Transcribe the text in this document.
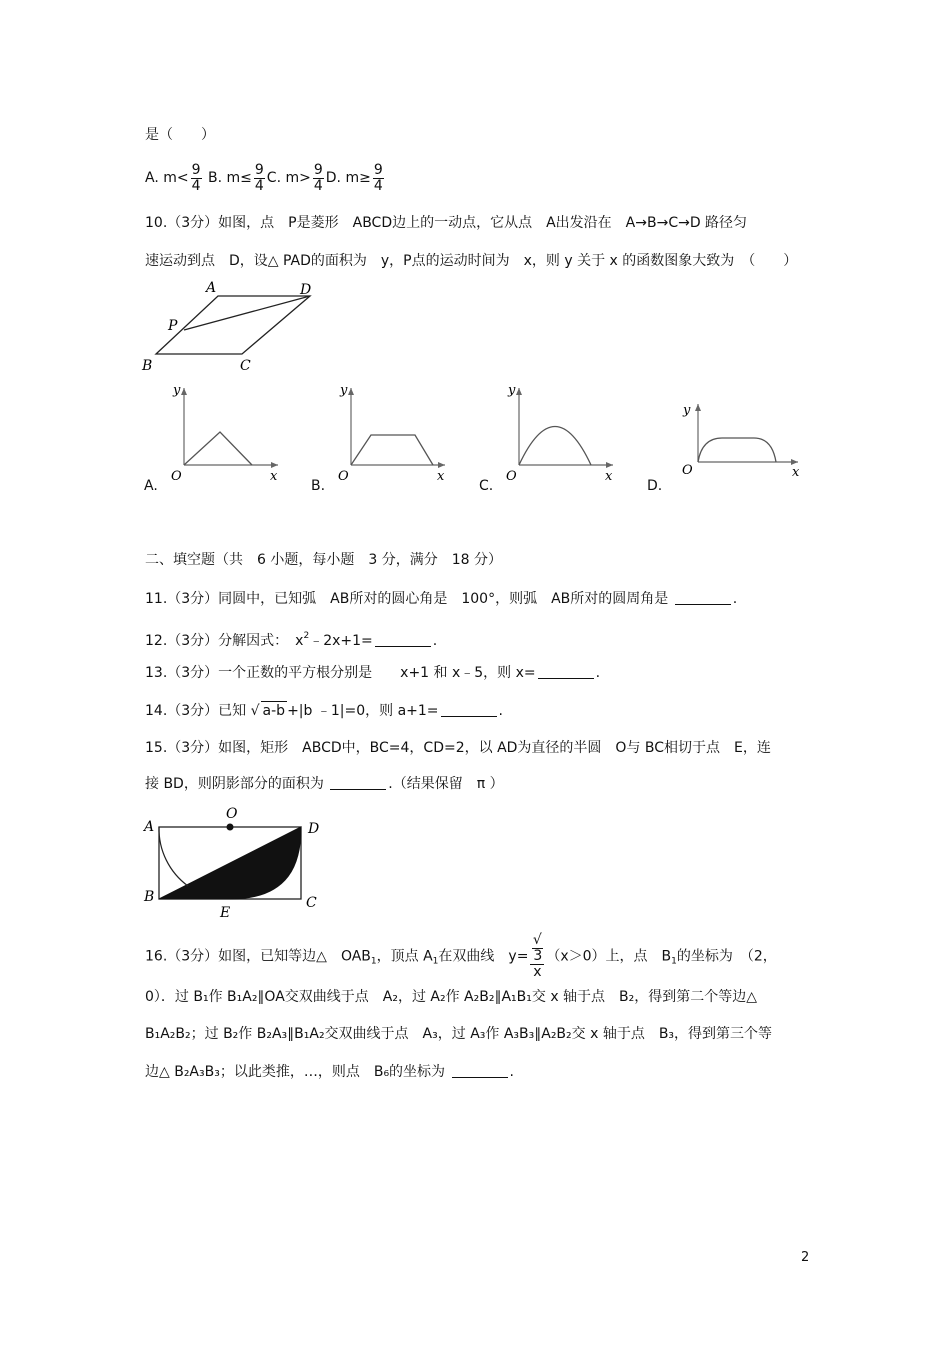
是（　　）
A. $m< \frac{9}{4} B$. $m\le \frac{9}{4} C$. $m> \frac{9}{4} D$. $m\ge \frac{9}{4}$
10.（3分）如图，点　P是菱形　ABCD边上的一动点，它从点　A出发沿在　A→B→C→D 路径匀
速运动到点　D，设△ PAD的面积为　y，P点的运动时间为　x，则 y 关于 x 的函数图象大致为　（　　）
A	D
P
B	C
y
O	x
A.
y
O	x
B.
y
O	x
C.
y
O	x
D.
二、填空题（共　6 小题，每小题　3 分，满分　18 分）
11.（3分）同圆中，已知弧　AB所对的圆心角是　100°，则弧　AB所对的圆周角是	.
12.（3分）分解因式：　$x^2﹣2x+1=$	.
13.（3分）一个正数的平方根分别是　　x+1 和 x﹣5，则 x=	.
14.（3分）已知 √ a-b +|b ﹣1|=0，则 a+1=	.
15.（3分）如图，矩形　ABCD中，BC=4，CD=2，以 AD为直径的半圆　O与 BC相切于点　E，连
接 BD，则阴影部分的面积为	.（结果保留　π ）
A
O
D
B
E
C
16.（3分）如图，已知等边△　$OAB_1$，顶点 $A_1$在双曲线　y= √
3
x （x＞0）上，点　$B_1$的坐标为　（2，
0）．过 B₁作 B₁A₂∥OA交双曲线于点　A₂，过 A₂作 A₂B₂∥A₁B₁交 x 轴于点　B₂，得到第二个等边△
B₁A₂B₂；过 B₂作 B₂A₃∥B₁A₂交双曲线于点　A₃，过 A₃作 A₃B₃∥A₂B₂交 x 轴于点　B₃，得到第三个等
边△ B₂A₃B₃；以此类推，…，则点　B₆的坐标为	.
2
